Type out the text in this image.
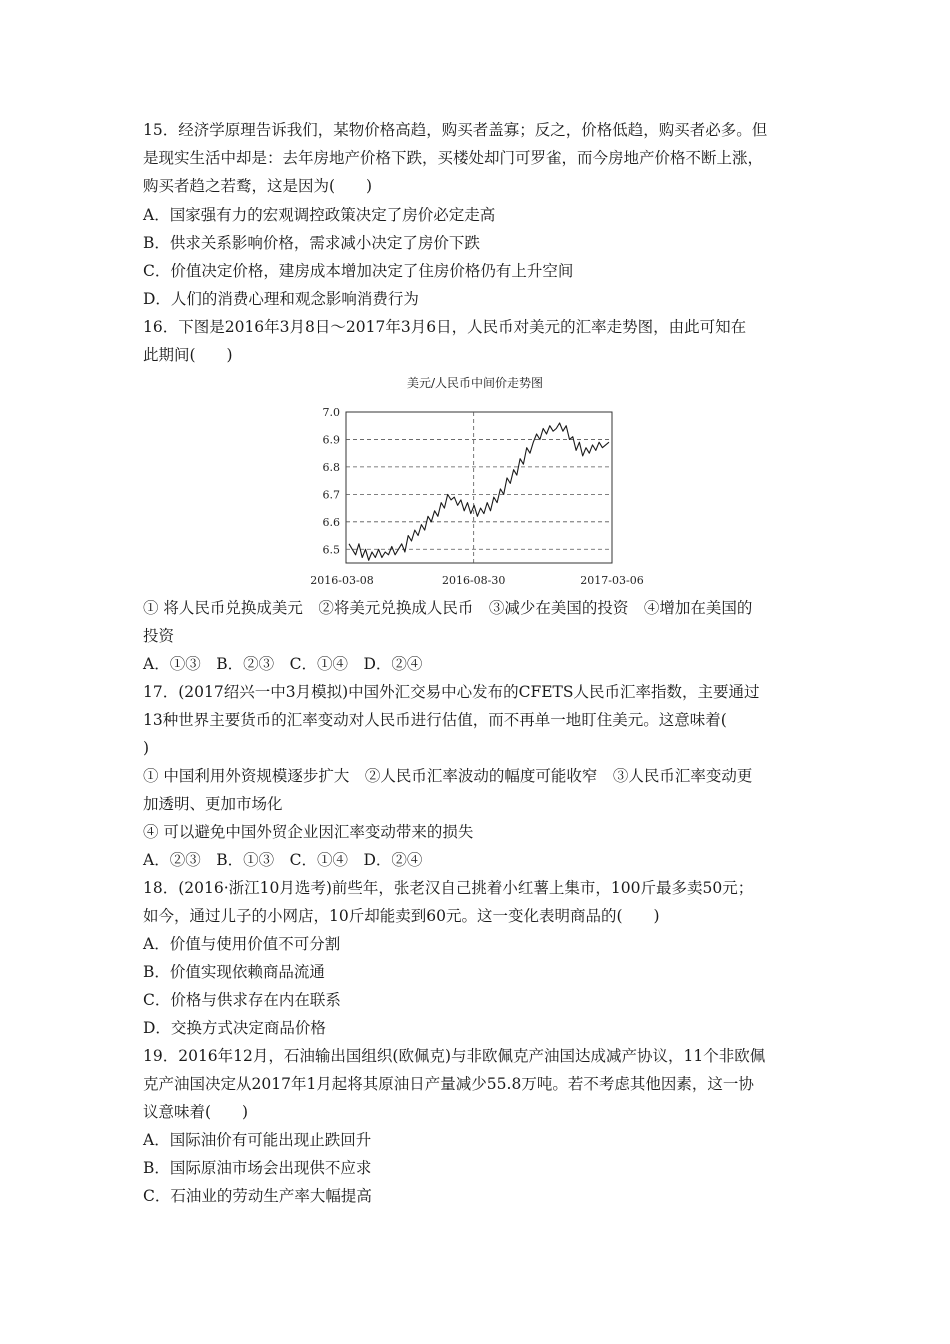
15．经济学原理告诉我们，某物价格高趋，购买者盖寡；反之，价格低趋，购买者必多。但
是现实生活中却是：去年房地产价格下跌，买楼处却门可罗雀，而今房地产价格不断上涨，
购买者趋之若鹜，这是因为(　　)
A．国家强有力的宏观调控政策决定了房价必定走高
B．供求关系影响价格，需求减小决定了房价下跌
C．价值决定价格，建房成本增加决定了住房价格仍有上升空间
D．人们的消费心理和观念影响消费行为
16．下图是2016年3月8日～2017年3月6日，人民币对美元的汇率走势图，由此可知在
此期间(　　)
美元/人民币中间价走势图
7.0
6.9
6.8
6.7
6.6
6.5
2016-03-08	2016-08-30	2017-03-06
① 将人民币兑换成美元　②将美元兑换成人民币　③减少在美国的投资　④增加在美国的
投资
A．①③　B．②③　C．①④　D．②④
17．(2017绍兴一中3月模拟)中国外汇交易中心发布的CFETS人民币汇率指数，主要通过
13种世界主要货币的汇率变动对人民币进行估值，而不再单一地盯住美元。这意味着(
)
① 中国利用外资规模逐步扩大　②人民币汇率波动的幅度可能收窄　③人民币汇率变动更
加透明、更加市场化
④ 可以避免中国外贸企业因汇率变动带来的损失
A．②③　B．①③　C．①④　D．②④
18．(2016·浙江10月选考)前些年，张老汉自己挑着小红薯上集市，100斤最多卖50元；
如今，通过儿子的小网店，10斤却能卖到60元。这一变化表明商品的(　　)
A．价值与使用价值不可分割
B．价值实现依赖商品流通
C．价格与供求存在内在联系
D．交换方式决定商品价格
19．2016年12月，石油输出国组织(欧佩克)与非欧佩克产油国达成减产协议，11个非欧佩
克产油国决定从2017年1月起将其原油日产量减少55.8万吨。若不考虑其他因素，这一协
议意味着(　　)
A．国际油价有可能出现止跌回升
B．国际原油市场会出现供不应求
C．石油业的劳动生产率大幅提高
